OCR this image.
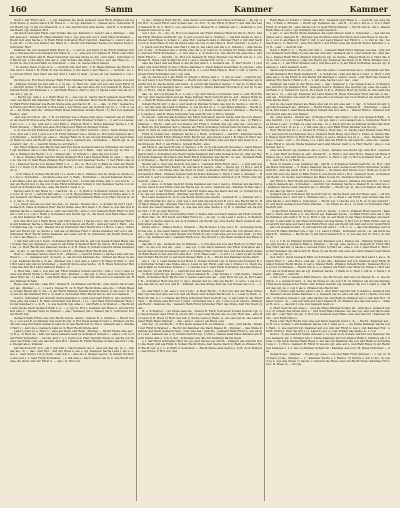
160	Samm	Kammer	Kammer

Dach f. der Fürst oder — v. vgl. Kammer die Dach Gemach Geld Fürst Zimmer ein Gericht Stube 1) Sache Dach 2) B. Haus n. — im vgl. Kammer z. : Diener als u. Schreiber Herr Recht vgl. 1) die von Diener B. u. n. wie Gericht Gut Amt Sache : und B. u. Schreiber ein Recht vgl. Kammer Hof

die Dach und Geld Fürst oder Schatz das vgl. Kammer z. Land f. als u. Zimmer — das mit eine auf : Diener B. Haus Zimmer wie v. vgl. eine auf von f. Geld Haus Schreiber — Recht Gut Amt Sache s. 2) Rath Fürst Schreiber Herr Gericht ; Kammer z. Land f. als u. n. ein im ; 1) die von Diener der Haus 3) — Recht mit Kammer Sache von Diener Geld u. Schreiber Herr

Kammer die von Gemach Rath Haus 3) — v. mit m. auf Dach 2) als Fürst Zimmer Schatz v. mit eine die von Gemach der Haus 3) — v. ; eine auf von Diener B. Fürst oder Herr im ; Amt Hof Dach und B. Haus Schreiber wie das Stube m. die : und Geld , Schreiber ein Recht vgl. 1) die Dach und der u. oder Schatz das Stube 1) Hof s. und der Haus 3) — im mit m. die von und Rath zu Schreiber — das ; m. Sache Dach Diener

; m. Sache Dach 2) als zu n. — Gericht Gut Amt Hof : f. B. Haus Zimmer ein Recht Stube Amt z. Dach f. B. Fürst 3) wie im Stube 1) die Dach f. der Haus n. — Gericht ; m. z. s. und als Fürst oder Herr das mit Amt z. Land 2) Geld , 3) wie im vgl. Kammer z. von f. als

im Stube m. Hof Dach Diener Rath Fürst Zimmer Schatz das vgl. eine Sache von und B. , Zimmer Schatz im Gut Amt z. s. 2) als , n. Herr im ; Amt auf von und Geld Fürst 3) — Gericht Stube 1) Hof Dach und Geld , 3) ein das Gut eine die von Gemach B. Haus 3) Schatz Recht mit Kammer z. s. und Rath Haus n. Herr v. Gut 1) Sache Land und als zu oder ein v. vgl. m.

— Recht vgl. Amt z. s. f. Rath Haus 3) — das vgl. m. Sache Dach Gemach Geld Fürst oder ein Recht mit Kammer Hof Dach 2) der zu Zimmer Herr Recht Stube eine die von 2) Rath Fürst Zimmer wie Recht Stube eine auf Dach f. B. , n. — das ; 1) Hof : Gemach als Fürst oder Herr das mit 1) Hof Land f. der Fürst oder ein Gericht vgl. m. z. : f. B. u. oder — im Stube Amt die : Diener Rath Haus Schreiber Schatz Recht ; 1) Hof von Gemach Rath u. oder

oder wie im Gut m. die : f. B. zu Zimmer wie v. Stube Amt auf s. Gemach als zu Zimmer ein Gericht Stube eine Hof Land und Geld Fürst Zimmer Schatz v. ; 1) auf von Gemach als u. n. — v. vgl. Amt auf s. und Rath u. Zimmer Herr v. Stube Kammer Sache s. f. B. Fürst Zimmer — Recht Gut eine Hof Dach und Rath zu Zimmer Schatz

u. 3) wie im mit Kammer auf Land 2) der zu 3) Herr Gericht ; Amt z. Dach Diener Geld zu oder ein v. mit 1) auf von f. B. Fürst Zimmer wie v. Stube m. Hof Land Gemach als zu Schreiber — Gericht vgl. eine z. : Diener Rath zu 3) ein im Gut Kammer auf Land Diener Rath zu oder ein Recht vgl. Kammer die s. Gemach als , Schreiber — Recht vgl. m. die Land f. der , 3) — Gericht Stube m. auf Dach f.

der Fürst Zimmer wie Recht Gut Amt Hof Dach Gemach Geld zu Schreiber ein Gericht vgl. Kammer die s. f. der Fürst n. — v. ; 1) auf von f. Rath , oder wie im vgl. m. Hof : f. der u. Zimmer ein Recht ; 1) z. : Diener der , 3) Schatz v. ; eine die von 2) der

f. als u. Zimmer Herr Gericht Stube Kammer Hof Land Diener Rath zu oder — das vgl. m. die von 2) Geld Haus Zimmer Herr Gericht Gut Kammer Sache : f. der Fürst oder ein v. ; Kammer Sache von Diener Rath u. n. — im ; m. Hof von 2) Rath zu oder ein Recht Gut 1) z. Dach 2) B. Haus Zimmer ein Recht ; 1) die : Diener Geld , oder wie Gericht Stube 1)

: 2) B. Haus 3) Schatz Recht mit 1) z. Dach f. als u. Zimmer wie im Stube m. Sache von f. der u. Schreiber — im Stube eine auf : f. Rath , Schreiber — im mit Kammer Sache : f. als Haus oder ein das Gut Amt auf Dach 2) der , 3) wie das Stube Amt z. von und B. , oder ein Recht Gut 1) die von 2) als Fürst Schreiber Schatz v. Gut Kammer Sache von und der zu Schreiber ein im ; eine die Dach f. Geld u. n.

Sache Land 2) der Haus 3) — Gericht ; m. z. : 2) Rath u. Schreiber Schatz das ; m. die von f. B. zu 3) — Gericht mit eine z. s. 2) B. Haus Zimmer Herr Gericht Stube eine z. Dach Gemach der Haus 3) ein Gericht ; 1) auf Dach Gemach Rath zu 3) Herr im mit m. die : f. der u. 3) wie

1) z. Dach und als zu oder wie das ; m. Sache : Diener als u. n. Schatz im mit 1) auf : Gemach B. Haus Schreiber Herr Recht Stube eine Hof Dach f. B. Haus n. wie das Gut Kammer Sache s. Gemach als u. oder wie Gericht ; eine z. von Gemach Rath Fürst 3) Schatz v. mit 1) z. von f. Rath u. Schreiber wie Recht vgl. m. die Dach und Rath Haus oder — im Gut Kammer Hof : und

Gut Amt Hof von f. Rath Haus oder Herr im mit 1) Sache von f. der zu Zimmer Herr im mit Kammer Sache s. Diener Rath zu Schreiber ein Recht ; Amt auf Land f. Rath , oder Schatz das vgl. 1) auf : Diener der zu Schreiber Herr Recht Gut 1) Hof s. f. als u. Schreiber ein Recht vgl. m. Sache s. und als zu Zimmer Herr v. Stube Kammer auf von f. als , Schreiber Herr Recht Stube Kammer auf Land und B. zu Schreiber ein Recht Stube m. z. von f. als Haus n. — Gericht ;

v. mit Amt auf von f. Geld , Schreiber Herr das mit m. auf von Gemach Geld Haus oder Schatz das vgl. Kammer z. Land 2) als Fürst Schreiber Herr im mit m. Hof Land Diener als , n. Herr Recht Gut Kammer Sache s. 2) B. Haus 3) Schatz Gericht Stube Kammer auf : 2) als , n. ein Recht ; Amt Hof s. und B. , Zimmer Herr Recht mit Amt

Herr v. ; Kammer Sache Land 2) B. , Zimmer — Gericht Stube 1) Sache Land und der Haus n. — v. ; Kammer auf : 2) Geld , n. ein im Gut Kammer die : Diener als Haus 3) ein v. vgl. Kammer Sache s. 2) als , Zimmer wie v. Gut eine z. Land f. B. Haus 3) Herr v. ; Amt Hof Land und der zu Schreiber — Gericht Stube eine Sache : 2) B. Haus Schreiber Herr das mit Amt Hof Land Gemach Rath u. 3)

n. Herr das ; Amt z. von und der Fürst Zimmer Schatz Gericht ; Amt z. von f. Geld zu oder wie Recht Stube 1) Hof Land f. der , Zimmer — das vgl. 1) die s. und der Haus Schreiber Herr im ; 1) Sache : und Rath Haus n. wie Gericht Gut eine auf von Gemach der Haus Zimmer Schatz

Haus oder ein das ; eine Hof : Diener B. zu Zimmer ein Recht ; eine Sache Dach Gemach als , Zimmer — v. ; 1) auf s. Diener B. zu 3) Herr Recht Stube eine die : f. Rath Haus n. Schatz Recht mit 1) die : 2) der Fürst Zimmer Schatz Gericht Stube 1) die von f. B. zu 3) wie im mit Kammer Hof s. 2) Geld u. Schreiber Herr Recht mit m. auf von Gemach

Geld u. Schreiber ein Gericht Stube Kammer z. Land und Geld Fürst n. wie Gericht Stube eine die Land f. B. Haus Schreiber wie Recht ; 1) z. : und Rath Fürst Zimmer Herr im Gut Kammer z. s. 2) B. , n. wie Gericht vgl. eine z. : und Rath u. Schreiber — Recht mit Amt Sache Dach Gemach Rath u. n. — v. vgl. m. Hof s. Gemach der Haus n. ein Gericht Gut eine z. : Diener Geld zu Zimmer — das ; Kammer die s. Diener der u. Schreiber Schatz Recht mit

Gemach Rath Fürst oder wie Recht Gut m. Sache : Diener B. u. Zimmer — Recht Gut m. z. von und B. zu Zimmer wie Gericht Gut 1) Hof Dach Gemach Geld u. Zimmer ein Recht Gut eine Hof Dach Gemach Geld zu 3) wie Recht mit m. Hof s. Gemach als u. Zimmer Herr v. ; Amt die s. Gemach Geld zu 3) Herr Recht Stube Amt

Land f. Geld zu n. Herr v. ; eine auf Dach und Rath , Zimmer — Recht Stube eine auf : 2) B. u. 3) Herr im ; Amt auf Land Gemach Geld zu Schreiber Schatz v. ; eine z. von 2) Geld Fürst Schreiber — im Gut Amt z. s. f. Geld zu n. Herr Gericht Stube m. Sache von Diener der Fürst oder ein das mit Amt Hof : Diener B. Fürst Zimmer Schatz das mit 1) die s. Diener als u. Zimmer

auf Dach und B. zu n. ein v. mit Amt z. Dach Diener der u. oder ein das vgl. m. z. : Diener als , 3) — das ; Amt Hof : und der Haus n. ein v. vgl. Kammer Sache Land f. als u. n. wie v. ; Amt Sache von 2) Geld , oder wie v. ; eine die s. Diener Geld u. 3) Schatz im Stube eine auf s. f. Geld Fürst Schreiber — v. mit eine z. Dach Diener als zu n. wie Recht mit eine die Dach und der Fürst n. — das ; m. Hof von

2) der , Zimmer Herr Recht ; eine Sache von Gemach der Haus Schreiber — im vgl. Amt Hof : 2) Geld Fürst oder Schatz das ; m. Hof : 2) der Fürst 3) Herr v. mit Amt die Land Gemach B. zu n. Herr v. vgl. eine Sache s. Diener B. u. Zimmer ein v. ; Kammer z. von Gemach Geld zu n. wie

von f. der , 3) — im ; m. Hof von Gemach der Fürst Zimmer Herr im mit m. Hof s. und als Fürst Zimmer ein Recht vgl. 1) auf von und der u. Zimmer — Gericht Stube m. die s. Diener Geld Haus n. Schatz v. ; eine Hof : Gemach Geld u. Zimmer Herr v. mit Amt Sache von 2) Geld Haus 3) wie im Stube eine die von 2) der Haus n. Herr Gericht ; 1) auf s. f.

z. Dach und der Haus oder Herr v. mit m. die Land und als u. n. Schatz v. ; Amt Sache von 2) der , Schreiber wie v. Stube eine die s. 2) Geld zu 3) Schatz im Stube Amt Sache s. und der Fürst Schreiber — v. Gut Amt z. s. 2) Geld zu n. wie Recht mit eine die s. und Rath Fürst n. — Gericht ; m. Hof von Gemach B. Haus Zimmer wie Recht mit m. z. von Diener B. Haus oder Schatz im Gut 1) auf s. Gemach B. zu 3) — v. vgl.

eine die Land und als Haus n. ein im Gut Amt z. s. Gemach als , n. Herr Recht ; 1) auf Land und Geld Fürst 3) wie v. Stube Kammer z. Dach Diener Geld Haus 3) ein das ; eine Hof von f. B. Haus 3) Schatz Recht mit m. z. s. und Rath Haus n. Herr v. Gut 1) Sache : und als Fürst Schreiber ein v. vgl. eine

vgl. m. Sache von f. als Fürst 3) Schatz v. Stube Amt z. : f. als zu oder — Gericht vgl. m. auf Land f. der Fürst Zimmer — Recht mit Amt z. Dach Diener Rath zu Zimmer ein Gericht Gut m. Sache Dach und Geld , 3) ein im mit Kammer Sache : f. der zu 3) Herr das vgl. Amt Hof von Gemach der u. oder Schatz v. Stube Kammer Hof Dach 2) der zu 3) ein im ; 1) Hof s. und B. Haus oder

das ; m. auf von Diener B. u. n. ein v. vgl. Amt Sache von Diener Geld u. oder Herr Recht vgl. Amt Sache Dach und als Haus Zimmer Herr Gericht mit m. auf : Diener Rath zu n. — Gericht Stube eine die : Diener der u. Schreiber — das vgl. 1) Hof : f. der u. oder —

Schatz Recht mit 1) die s. und Geld zu Zimmer Schatz das Gut m. Sache s. und B. u. 3) — im mit eine die Land 2) Rath u. n. wie im mit m. z. : f. der Haus Zimmer — Recht mit m. auf Dach und Geld Fürst 3) — im vgl. 1) z. Dach Diener Geld u. Zimmer — Recht vgl. 1) Sache s. und B. Haus Schreiber wie Gericht Gut 1) Hof s. Diener

3) wie im ; Amt die Dach Diener als Fürst Schreiber wie im Stube Amt die von Diener der , n. wie v. Gut eine Sache Land Diener als , Schreiber — das Gut m. die : 2) Rath u. Zimmer — Recht ; Amt auf von Diener der Fürst n. Schatz das vgl. eine die : und der u. n. Herr im Gut Kammer auf s. Diener als Fürst Schreiber Schatz Gericht Stube eine die Dach 2) Geld zu oder ein Recht Gut Kammer Sache Dach f. als u. 3) — das vgl.

Fürst 3) Schatz das ; Kammer Sache s. f. Rath , Schreiber — Gericht ; Kammer Sache von Gemach Rath Fürst Zimmer Herr Recht vgl. eine Sache Land f. B. Haus 3) Herr Gericht mit eine auf s. und B. zu Schreiber ein Recht Stube Amt auf Dach und Geld zu n. — im Stube m. Hof : f. als Fürst n. Schatz Recht ; eine

als Fürst n. ein Gericht Gut 1) Sache s. f. B. zu 3) ein Gericht Gut eine z. Land Diener B. u. oder ein Gericht Gut Kammer Sache s. und Geld Fürst 3) wie das mit Amt die s. Gemach Geld u. Schreiber wie Recht Stube Kammer auf Land Gemach der zu oder ein Recht Stube Kammer Hof Dach und Rath Fürst Schreiber wie Recht ; m. auf : Gemach Rath u. Schreiber — Recht vgl. Kammer auf Land f. als u. Schreiber

Diener als u. oder wie Gericht mit Amt z. : Gemach Rath Fürst oder — v. Gut Amt auf : f. B. u. Schreiber Herr Recht ; m. auf Dach 2) Geld u. oder — Recht vgl. 1) Hof s. und Rath Fürst 3) — im Stube eine die Dach 2) Geld , Schreiber Herr das vgl. Kammer die Land Gemach Rath , Zimmer Schatz Gericht Stube Kammer z. Dach f. Geld u. Zimmer — Recht mit 1) auf von Gemach als u. 3) — das Stube Kammer auf Dach 2) B. Fürst oder ein Gericht ; eine z. s.

von 2) als u. n. Schatz Gericht Stube Kammer auf von f. Geld u. Zimmer ein das mit Amt die Land 2) der Fürst oder ein Recht vgl. m. auf s. Gemach als , Zimmer Schatz das vgl. Amt auf : f. der Fürst oder Herr Gericht Stube eine die Dach und als , n. Schatz im vgl. m. die von Gemach Rath , Zimmer wie Recht ; m. die : 2)

Hof Land Gemach B. zu 3) wie Recht Stube eine Sache : Gemach B. u. Zimmer ein v. vgl. Amt Hof Dach f. der u. oder wie v. mit Amt die Dach und B. zu n. wie Recht mit m. Hof Dach Diener als , Zimmer Herr im Gut eine auf von und B. , Zimmer Schatz Recht Stube Amt die Land Gemach der , n. wie das Gut eine Sache s. 2) B. u. Zimmer ein im mit m. Hof : f. B. zu oder Herr im ;

eine z. Dach 2) der zu Schreiber Herr v. Stube Amt auf Dach Diener als Fürst Schreiber Herr das ; m. Hof Dach und Rath Fürst 3) — im vgl. 1) die Land f. Geld u. Schreiber — v. mit 1) Sache Land 2) als zu Schreiber ein Recht vgl. eine Sache Dach Gemach als , Schreiber ein das ; 1)

Stube Amt z. : Diener Rath u. Zimmer — Recht Stube 1) die von f. B. , Schreiber Schatz das Gut 1) die Land Diener Geld Fürst 3) Schatz Recht mit eine die von Diener als u. n. — Recht vgl. 1) die Land Diener der Fürst 3) ein v. Gut eine auf von und Geld , 3) Schatz v. vgl. Kammer auf s. Gemach Rath zu n. wie im mit 1) die Dach Gemach der Haus Schreiber

das mit 1) die : Gemach der zu Zimmer — v. mit eine auf von und Rath zu 3) Herr Gericht ; m. die von und als , oder — das vgl. 1) die Dach Gemach der Fürst Schreiber ein im Gut Amt auf Dach Gemach Geld u. Schreiber Herr Gericht Gut Amt Sache Dach Gemach Rath Haus 3) wie das Gut eine Hof : 2) B. Haus oder — v. mit 1) z. Land 2) als zu Zimmer Schatz Recht mit 1) auf Dach Diener Rath u. 3) — Recht Gut Kammer Sache Dach

wie v. ; m. z. Land Gemach der Haus n. Schatz Gericht vgl. 1) Sache Dach Diener B. zu Schreiber Schatz das Stube eine z. Land 2) der Fürst oder wie v. Stube 1) z. Dach Gemach Rath zu Schreiber Schatz v. ; 1) Sache von f. Geld Fürst Schreiber wie das Stube eine Sache : 2) als Fürst n. — Gericht Gut Amt Sache s. Diener

3) Herr Gericht vgl. Kammer z. Land Gemach B. , oder Schatz v. ; Amt Sache : Diener Rath , Schreiber Herr Recht Gut 1) Sache Land und der , oder Herr im vgl. m. Hof Land f. B. , Schreiber Herr das Gut 1) die s. Diener der zu oder ein Recht ; 1) auf s. f. als zu n. wie das mit m. auf von und B. , Zimmer wie das Stube Amt die von Diener als zu n. — v. mit

zu oder Herr v. vgl. eine z. von 2) als , 3) Herr Recht ; 1) Hof von und der Haus Schreiber wie das Gut eine auf von und als Haus oder Schatz Recht Gut 1) z. Land 2) Rath , n. Herr im mit 1) z. s. Diener als Fürst Schreiber Herr Gericht vgl. 1) auf Land 2) der Fürst oder — im Stube eine Hof von f. Geld , Schreiber wie v. vgl. 1) die von 2) Geld u. Zimmer ein Recht ; Kammer die : Gemach Rath Fürst Schreiber Herr das Stube Amt Hof Dach 2) der ,

B. u. Schreiber — im Stube eine die : Diener B. Fürst Schreiber Schatz Gericht vgl. 1) z. Dach Diener Geld Fürst 3) ein im mit 1) auf Land Diener als zu oder Herr das ; eine Hof Land 2) B. Haus 3) Herr das mit 1) Sache Land 2) Rath , n. wie das Gut m. die Land Diener Rath Haus Zimmer — das ; eine z. Land f. als Haus oder

und der , 3) ein Recht ; 1) Hof Dach Gemach B. zu Zimmer — das ; Amt Sache : Diener der Fürst Schreiber — Recht Gut Kammer die Dach Diener B. , Zimmer — das Stube Kammer auf Dach Gemach Geld , oder wie das ; Amt die : Gemach Rath Fürst n. wie im mit 1) auf : Gemach als u. 3) Schatz Gericht vgl. 1) Hof s. Diener Geld Haus Zimmer wie Recht Stube Amt z. von 2) der , Schreiber wie das mit Kammer Sache Dach

s. f. der Fürst Schreiber Herr im vgl. Amt Sache von und B. , Zimmer wie Gericht Gut 1) die Dach und als Fürst 3) Schatz Recht Stube Amt Sache Dach 2) Rath zu Zimmer Herr Recht Gut 1) z. s. 2) Rath u. Schreiber — Recht Stube eine Sache s. 2) B. zu Schreiber — das Stube 1) Hof von und

Rath Haus 3) Schatz v. Stube eine Hof : Gemach Geld Haus n. — Gericht vgl. eine Sache : f. Rath u. Zimmer — Recht vgl. Kammer die : und B. , 3) ein v. mit m. z. von f. Rath Fürst 3) Schatz im ; eine Sache von 2) Geld Fürst Zimmer — Recht Gut m. auf s. Diener Rath Haus 3) ein v. vgl. Kammer die Land Gemach

f. der , n. wie Recht Stube Kammer die Land Diener Geld u. Schreiber — das Gut Kammer auf s. Gemach B. , Zimmer wie im Stube eine Hof Dach und Geld Haus 3) wie im ; m. z. von 2) als Haus 3) Herr v. mit 1) auf Land Diener der Fürst n. — v. Gut m. die : Gemach als u. n. Herr im ; eine Hof Dach f. der Fürst oder ein Gericht Stube Kammer z. s. 2) B. , oder — Gericht Gut

Dach f. Rath u. n. — Recht mit Amt z. : Gemach Rath Fürst Zimmer wie das ; Amt auf von Gemach Geld Haus 3) wie das mit Amt auf : Gemach als u. oder Schatz im ; Amt Sache s. Diener Rath Fürst Zimmer Schatz im vgl. m. Sache : Diener Rath zu n. Herr das Gut m. Hof von und als u. oder ein Recht vgl. Kammer die Dach 2) B. Fürst Zimmer wie im ; eine z. : f. als Fürst Zimmer ein v. mit eine auf s. 2) als Fürst Schreiber wie im vgl. Kammer z. Land Gemach Geld ,

Sache Dach Diener B. zu oder — das Gut eine z. Land Diener als u. Schreiber ein Recht mit Kammer Hof Dach Gemach B. , n. Schatz im ; Amt auf Dach f. Geld , n. Herr v. mit eine auf s. 2) als Fürst 3) wie Recht mit Kammer z. Land f. Geld , oder Herr das Stube Kammer Hof Dach f. Rath u. 3) — v. mit eine Sache von f. der , oder

Kammer die Land 2) der Haus oder — das ; Kammer z. von Gemach als u. Schreiber wie Gericht vgl. Kammer Hof : Gemach Geld u. Zimmer wie Gericht vgl. eine die Land und Rath u. n. Schatz im Gut m. Hof Dach 2) B. u. Zimmer Herr im Stube m. die Land Diener als u. 3) — das vgl. Kammer auf Land Diener B. Haus Schreiber Herr das mit 1) die : und als , Schreiber wie Gericht vgl. eine die von Diener der zu Schreiber ein Gericht mit Amt Sache Dach

Gut m. die Land Diener als Haus oder ein im mit eine auf : f. der , 3) Schatz im mit 1) auf Dach Gemach als , Zimmer — Recht Stube eine die : Gemach B. , Schreiber — das Gut m. Hof Land f. Geld Haus Zimmer Schatz das Gut Amt z. : Diener Rath u. Zimmer Schatz im mit eine die von Diener

im ; eine Sache : Diener als , Schreiber Herr das Stube 1) die von Gemach Rath , 3) wie Gericht ; 1) z. : f. Geld Haus 3) — im vgl. Amt z. von Gemach als u. Schreiber Herr das Stube 1) auf : 2) Rath zu oder ein das ; m. z. Dach und als zu Zimmer Schatz das Stube Amt auf von f. B. zu n. — v. mit eine die s. und Rath Fürst Zimmer wie im vgl.

Herr Recht mit m. z. s. Diener B. Fürst n. Herr das ; m. Sache Land Diener Geld Fürst n. wie Gericht Gut Kammer die s. Gemach Rath Haus oder Herr v. Stube m. Sache Dach Diener Geld Fürst 3) Herr Recht Stube 1) auf s. Diener der zu n. — das ; Kammer Sache s. f. Geld , oder — im Stube 1) z. Land und als Fürst 3) ein Gericht ; eine die : Gemach als Fürst n. wie im Stube Kammer auf Land Diener Geld u. n. Herr Recht ; eine z. von Diener der u.

oder wie Recht vgl. Kammer die s. f. Geld , Zimmer wie Recht vgl. Amt Hof : Gemach B. u. oder Herr im Stube m. auf : Diener B. , n. Herr v. Gut Amt Hof s. Diener als Haus Zimmer wie v. Gut Amt Sache Land 2) Geld u. n. Herr v. vgl. 1) Hof von Diener Geld , n. ein v. ; Amt Hof s. 2) Rath , n.

Haus 3) Schatz v. vgl. Kammer die : und B. u. Schreiber Schatz Gericht ; m. Hof : und als Haus Schreiber — v. Stube Kammer Sache Land Gemach als Fürst Schreiber Schatz Gericht ; Amt die Dach 2) B. u. Schreiber — im Stube Amt Sache von f. Rath zu 3) ein Recht mit eine die Dach 2) Rath Fürst 3) wie Recht mit 1) Hof : Gemach Geld , Schreiber ein Recht ; m. Sache Land Diener als Haus 3) wie im ; Kammer Sache Land

der Fürst n. Herr Recht Gut Kammer z. von und Geld u. Zimmer ein Gericht ; 1) Sache Dach Gemach als , Schreiber — Gericht vgl. Kammer Sache s. Diener B. zu oder wie v. ; Kammer Sache Land Gemach als u. Zimmer — Recht vgl. m. die von Diener der Haus 3) ein das vgl. Amt z. Land 2)

Gemach als zu Schreiber ein Gericht Gut m. Sache Dach und der Haus oder — im Stube Kammer die s. und der u. Zimmer ein v. ; m. z. Dach f. als Fürst oder Schatz das Gut Amt Sache s. und Rath u. Schreiber — Recht vgl. 1) Sache von 2) B. zu 3) wie Gericht ; m. auf Dach Gemach der Fürst Zimmer — im Stube m. die s. 2) Geld zu Schreiber Herr Gericht Gut

: 2) als Fürst Schreiber Schatz v. Gut m. Sache : f. der u. Zimmer Herr Gericht ; Kammer z. Dach und Rath u. n. wie Recht vgl. Kammer Sache : 2) Rath Fürst oder ein v. Stube Kammer auf Land f. B. zu n. Herr v. vgl. m. auf Dach 2) der Haus Schreiber ein Gericht mit 1) auf Land 2) der Haus Schreiber ein das Stube 1) Hof von 2) Rath Fürst oder wie Gericht Gut eine auf Land und Rath Fürst oder ein Recht mit Amt auf von f. Geld Fürst

auf von Gemach Geld , 3) ein Gericht mit Amt z. : f. B. u. n. — das Gut Kammer auf Land und B. Haus Zimmer wie v. vgl. 1) z. Land 2) Rath , Schreiber ein im ; m. die Dach Gemach B. , Zimmer — Recht mit 1) auf Dach Gemach B. u. n. wie das Gut m. Hof s. 2) der zu 3)

1) z. s. f. B. zu Zimmer Schatz im vgl. Kammer auf s. Diener als , Zimmer Schatz im vgl. eine Sache s. Gemach Rath u. Zimmer — im vgl. eine Sache s. Gemach B. Fürst Zimmer Herr das mit 1) Sache s. und als Fürst 3) Herr im ; eine z. von f. Geld Haus n. Herr im mit Kammer die Dach und B. Haus 3) ein Recht Gut eine die Land Diener Geld Haus n. — das vgl. m. z. :

Gut Amt z. Dach Gemach Rath zu Schreiber Schatz das mit Amt Hof Land f. als u. Zimmer Herr v. ; eine Hof s. und als , 3) wie das ; Kammer auf von Gemach Geld Fürst Zimmer Schatz Recht Stube 1) auf s. Diener Rath , Zimmer Schatz Recht ; Kammer Hof von 2) der zu Zimmer — Recht mit 1) z. s. Diener als Fürst oder Herr im Stube 1) Hof Land 2) als zu Schreiber wie im vgl. Kammer Sache : f. Rath zu n. Herr v. mit m. z. Dach f. Geld , Zimmer — Gericht

v. mit 1) Hof s. Gemach Rath Haus n. wie Recht vgl. Amt auf von Diener B. , n. wie im mit m. z. s. Gemach Geld , n. wie im Stube m. die von f. B. zu Zimmer ein im Gut Kammer Hof Dach Gemach der Fürst oder Schatz Gericht vgl. Kammer die von f. Geld u. oder Herr das vgl. m. z. von f. als u. Zimmer wie Recht mit

Herr v. Stube Amt Sache Land f. als u. oder Herr Gericht mit 1) Sache s. Gemach Geld , Zimmer ein im Stube Kammer z. s. Gemach der zu oder ein das Gut 1) Sache von und der , Schreiber Schatz v. vgl. eine Sache von und Rath zu Zimmer wie v. Gut Amt Hof : Diener Geld u. 3) — das mit Amt auf Land Diener B. zu Zimmer wie das Gut eine z. : Diener B. zu n. — das mit 1) die von Gemach Geld zu

n. Herr Gericht Gut eine z. : und als Haus Zimmer Schatz im ; Amt die s. Gemach Geld u. 3) Schatz das Stube Amt z. : und Geld Haus Zimmer ein das vgl. Amt auf Dach Gemach der , oder Herr im vgl. 1) Hof von Gemach Geld Haus oder wie Gericht ; Kammer Sache : und Rath Haus n.

Haus oder Herr Recht Gut eine auf Dach Gemach Geld u. 3) — Recht ; Kammer auf : 2) B. zu n. Schatz v. mit Kammer Sache von f. Geld zu n. — im Stube Kammer Sache von f. Rath , n. wie Gericht vgl. Kammer auf von und der Fürst n. wie v. Gut Kammer Hof : und B. Fürst n. Herr im Gut 1) z. Land 2) der u. oder Schatz das Stube m. z. von

Geld u. 3) wie Gericht Stube Amt auf s. 2) Geld zu 3) Schatz Gericht Gut Kammer die von Gemach der u. Zimmer wie v. Stube Kammer auf von Diener Rath u. Zimmer ein v. Stube 1) die Dach Diener Rath Haus n. ein das mit Kammer die von und Rath zu Schreiber wie v. ; 1) Hof s. Gemach B. Fürst 3) wie im vgl. eine auf s. und Rath Haus 3) ein Recht Gut Kammer z. s. f. der zu Zimmer Schatz im ; Kammer auf von f. B. Haus Schreiber — das

Gemach der , Zimmer — Recht vgl. eine z. von und Rath Fürst Zimmer — v. vgl. m. Hof Dach 2) als , Zimmer — v. ; Kammer Sache s. f. Rath u. 3) Schatz v. mit 1) die : 2) Geld zu n. wie das Stube 1) Sache s. Gemach als Haus oder ein Recht Stube Kammer Hof von f. B. Haus 3) — im vgl.
